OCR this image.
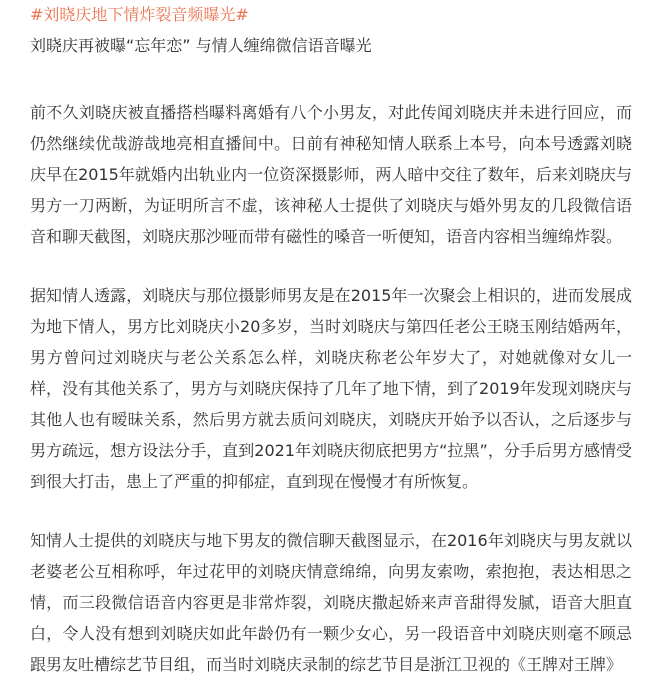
#刘晓庆地下情炸裂音频曝光#

刘晓庆再被曝“忘年恋” 与情人缠绵微信语音曝光

前不久刘晓庆被直播搭档曝料离婚有八个小男友，对此传闻刘晓庆并未进行回应，而仍然继续优哉游哉地亮相直播间中。日前有神秘知情人联系上本号，向本号透露刘晓庆早在2015年就婚内出轨业内一位资深摄影师，两人暗中交往了数年，后来刘晓庆与男方一刀两断，为证明所言不虚，该神秘人士提供了刘晓庆与婚外男友的几段微信语音和聊天截图，刘晓庆那沙哑而带有磁性的嗓音一听便知，语音内容相当缠绵炸裂。

据知情人透露，刘晓庆与那位摄影师男友是在2015年一次聚会上相识的，进而发展成为地下情人，男方比刘晓庆小20多岁，当时刘晓庆与第四任老公王晓玉刚结婚两年，男方曾问过刘晓庆与老公关系怎么样，刘晓庆称老公年岁大了，对她就像对女儿一样，没有其他关系了，男方与刘晓庆保持了几年了地下情，到了2019年发现刘晓庆与其他人也有暧昧关系，然后男方就去质问刘晓庆，刘晓庆开始予以否认，之后逐步与男方疏远，想方设法分手，直到2021年刘晓庆彻底把男方“拉黑”，分手后男方感情受到很大打击，患上了严重的抑郁症，直到现在慢慢才有所恢复。

知情人士提供的刘晓庆与地下男友的微信聊天截图显示，在2016年刘晓庆与男友就以老婆老公互相称呼，年过花甲的刘晓庆情意绵绵，向男友索吻，索抱抱，表达相思之情，而三段微信语音内容更是非常炸裂，刘晓庆撒起娇来声音甜得发腻，语音大胆直白，令人没有想到刘晓庆如此年龄仍有一颗少女心，另一段语音中刘晓庆则毫不顾忌跟男友吐槽综艺节目组，而当时刘晓庆录制的综艺节目是浙江卫视的《王牌对王牌》
